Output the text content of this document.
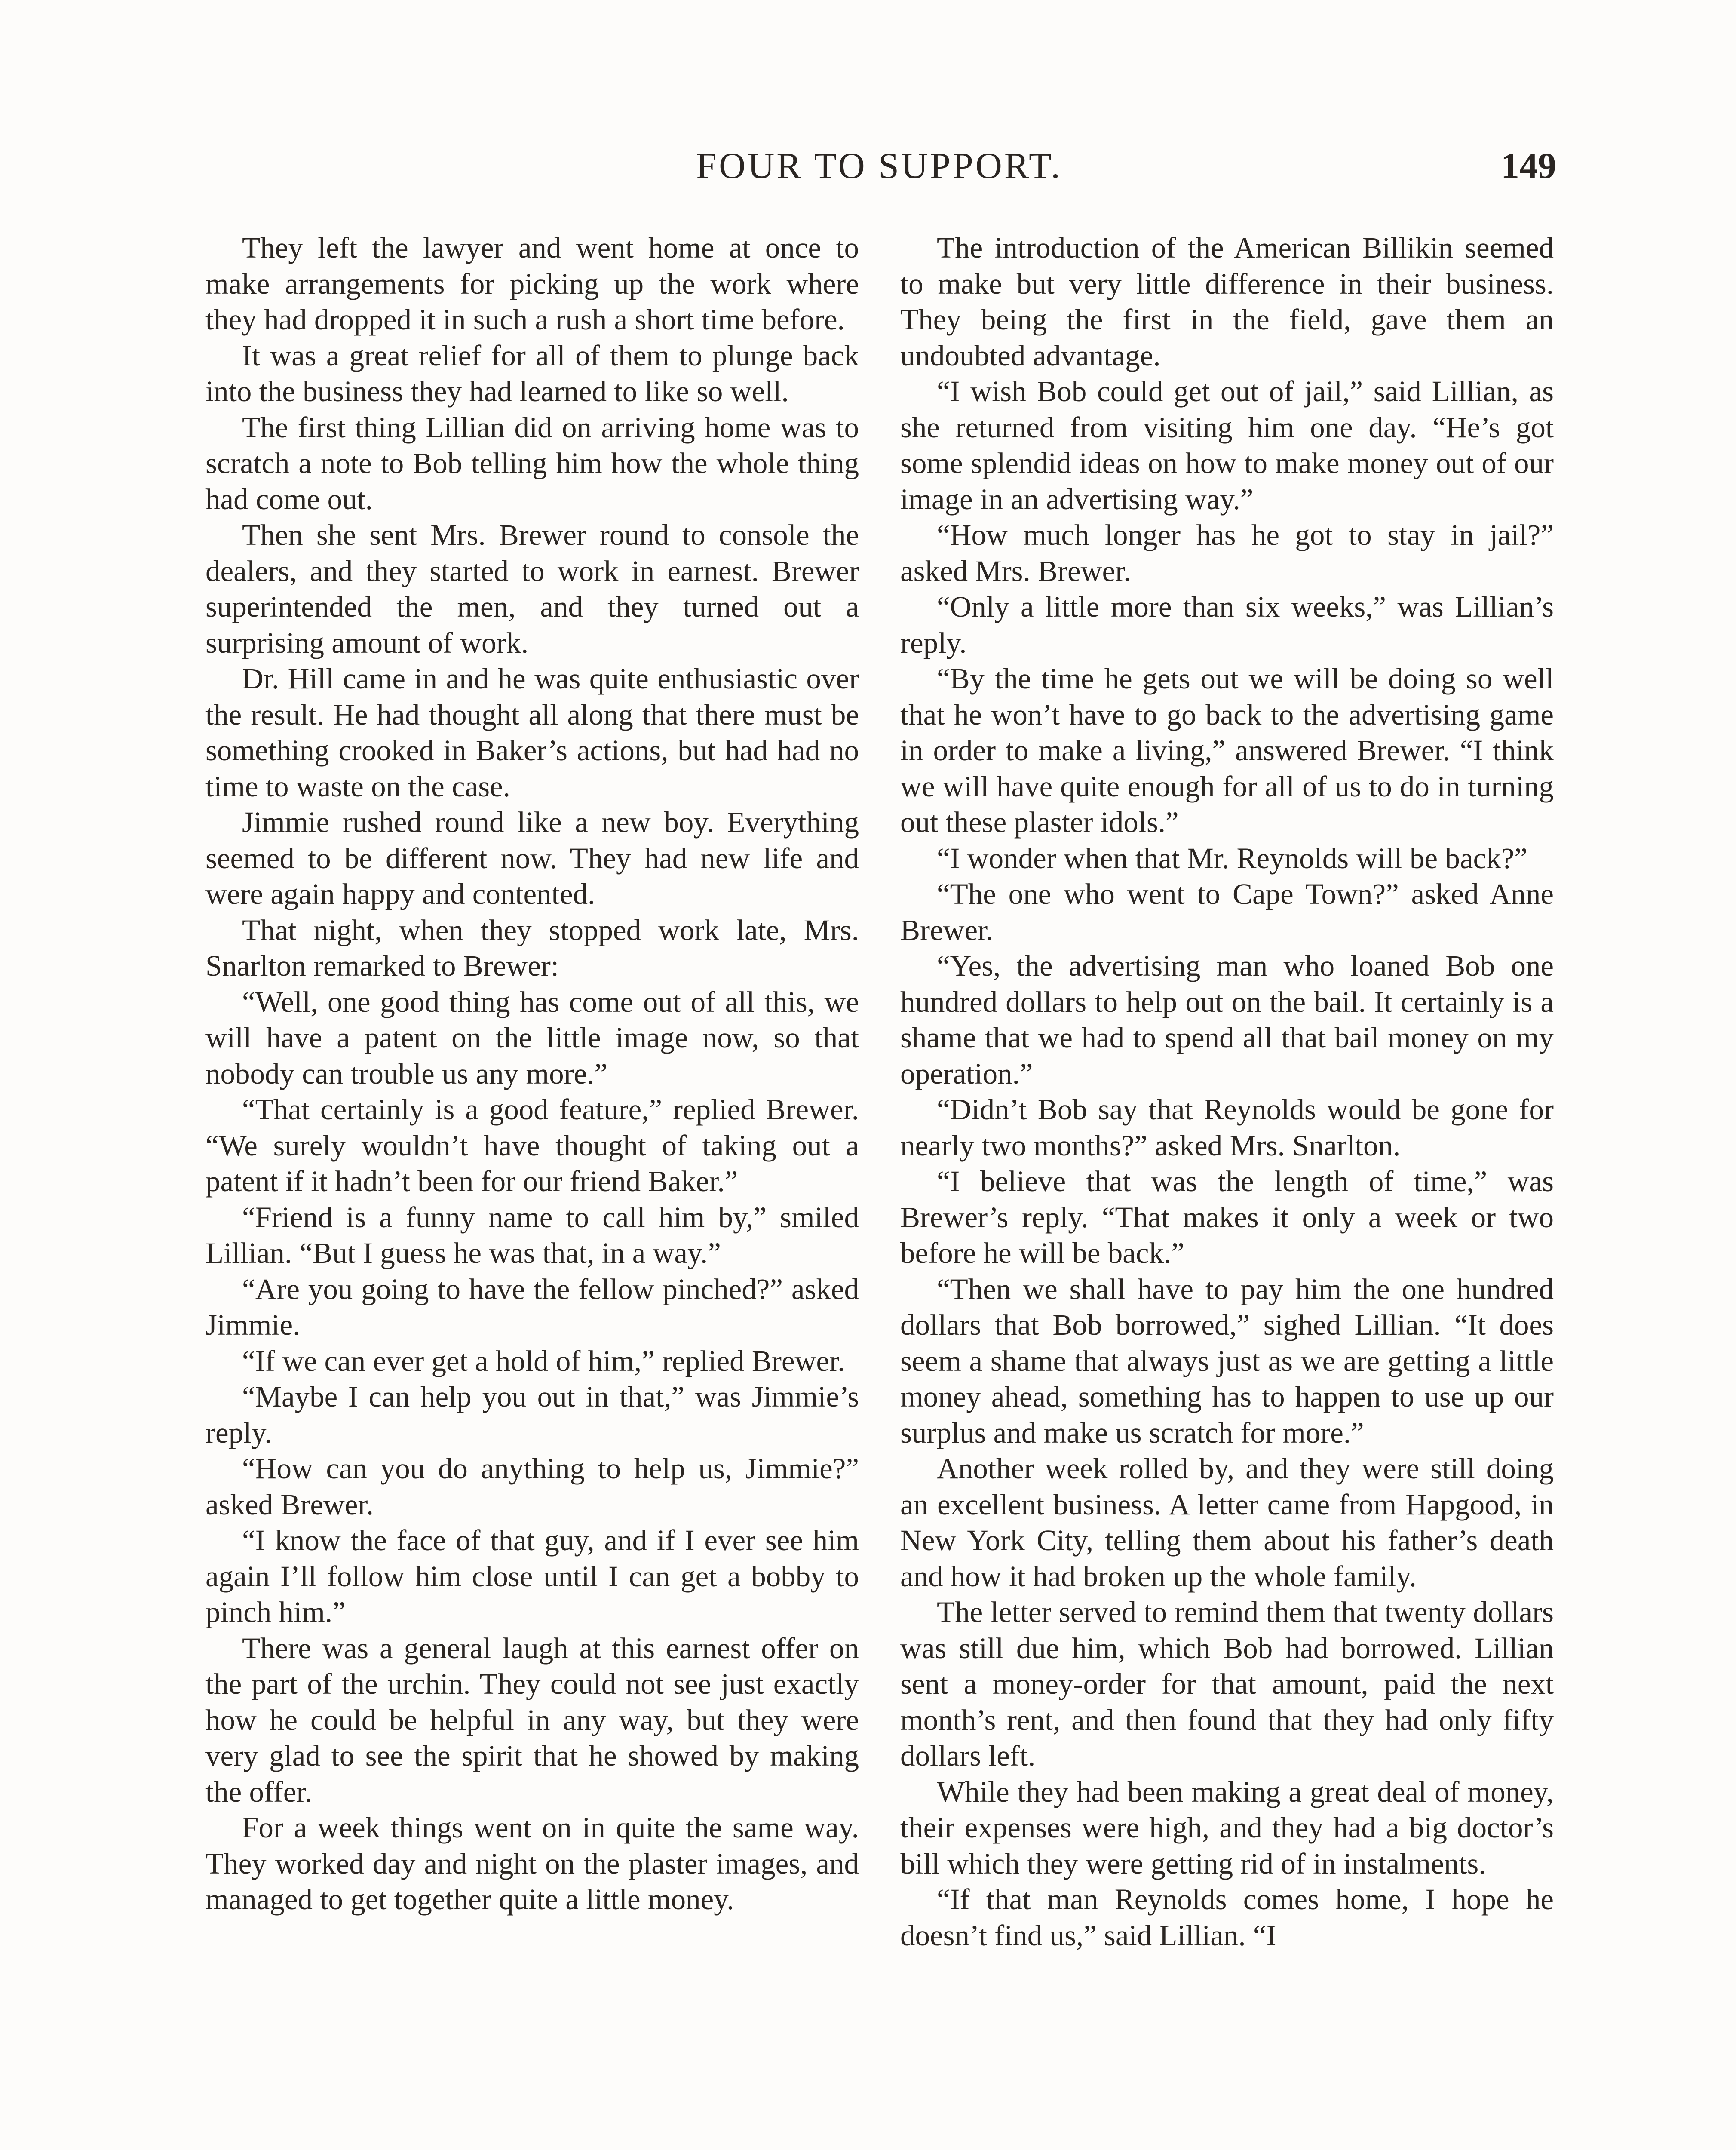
FOUR TO SUPPORT.	149

They left the lawyer and went home at once to make arrangements for picking up the work where they had dropped it in such a rush a short time before.

It was a great relief for all of them to plunge back into the business they had learned to like so well.

The first thing Lillian did on arriving home was to scratch a note to Bob telling him how the whole thing had come out.

Then she sent Mrs. Brewer round to console the dealers, and they started to work in earnest. Brewer superintended the men, and they turned out a surprising amount of work.

Dr. Hill came in and he was quite enthusiastic over the result. He had thought all along that there must be something crooked in Baker’s actions, but had had no time to waste on the case.

Jimmie rushed round like a new boy. Everything seemed to be different now. They had new life and were again happy and contented.

That night, when they stopped work late, Mrs. Snarlton remarked to Brewer:

“Well, one good thing has come out of all this, we will have a patent on the little image now, so that nobody can trouble us any more.”

“That certainly is a good feature,” replied Brewer. “We surely wouldn’t have thought of taking out a patent if it hadn’t been for our friend Baker.”

“Friend is a funny name to call him by,” smiled Lillian. “But I guess he was that, in a way.”

“Are you going to have the fellow pinched?” asked Jimmie.

“If we can ever get a hold of him,” replied Brewer.

“Maybe I can help you out in that,” was Jimmie’s reply.

“How can you do anything to help us, Jimmie?” asked Brewer.

“I know the face of that guy, and if I ever see him again I’ll follow him close until I can get a bobby to pinch him.”

There was a general laugh at this earnest offer on the part of the urchin. They could not see just exactly how he could be helpful in any way, but they were very glad to see the spirit that he showed by making the offer.

For a week things went on in quite the same way. They worked day and night on the plaster images, and managed to get together quite a little money.

The introduction of the American Billikin seemed to make but very little difference in their business. They being the first in the field, gave them an undoubted advantage.

“I wish Bob could get out of jail,” said Lillian, as she returned from visiting him one day. “He’s got some splendid ideas on how to make money out of our image in an advertising way.”

“How much longer has he got to stay in jail?” asked Mrs. Brewer.

“Only a little more than six weeks,” was Lillian’s reply.

“By the time he gets out we will be doing so well that he won’t have to go back to the advertising game in order to make a living,” answered Brewer. “I think we will have quite enough for all of us to do in turning out these plaster idols.”

“I wonder when that Mr. Reynolds will be back?”

“The one who went to Cape Town?” asked Anne Brewer.

“Yes, the advertising man who loaned Bob one hundred dollars to help out on the bail. It certainly is a shame that we had to spend all that bail money on my operation.”

“Didn’t Bob say that Reynolds would be gone for nearly two months?” asked Mrs. Snarlton.

“I believe that was the length of time,” was Brewer’s reply. “That makes it only a week or two before he will be back.”

“Then we shall have to pay him the one hundred dollars that Bob borrowed,” sighed Lillian. “It does seem a shame that always just as we are getting a little money ahead, something has to happen to use up our surplus and make us scratch for more.”

Another week rolled by, and they were still doing an excellent business. A letter came from Hapgood, in New York City, telling them about his father’s death and how it had broken up the whole family.

The letter served to remind them that twenty dollars was still due him, which Bob had borrowed. Lillian sent a money-order for that amount, paid the next month’s rent, and then found that they had only fifty dollars left.

While they had been making a great deal of money, their expenses were high, and they had a big doctor’s bill which they were getting rid of in instalments.

“If that man Reynolds comes home, I hope he doesn’t find us,” said Lillian. “I
